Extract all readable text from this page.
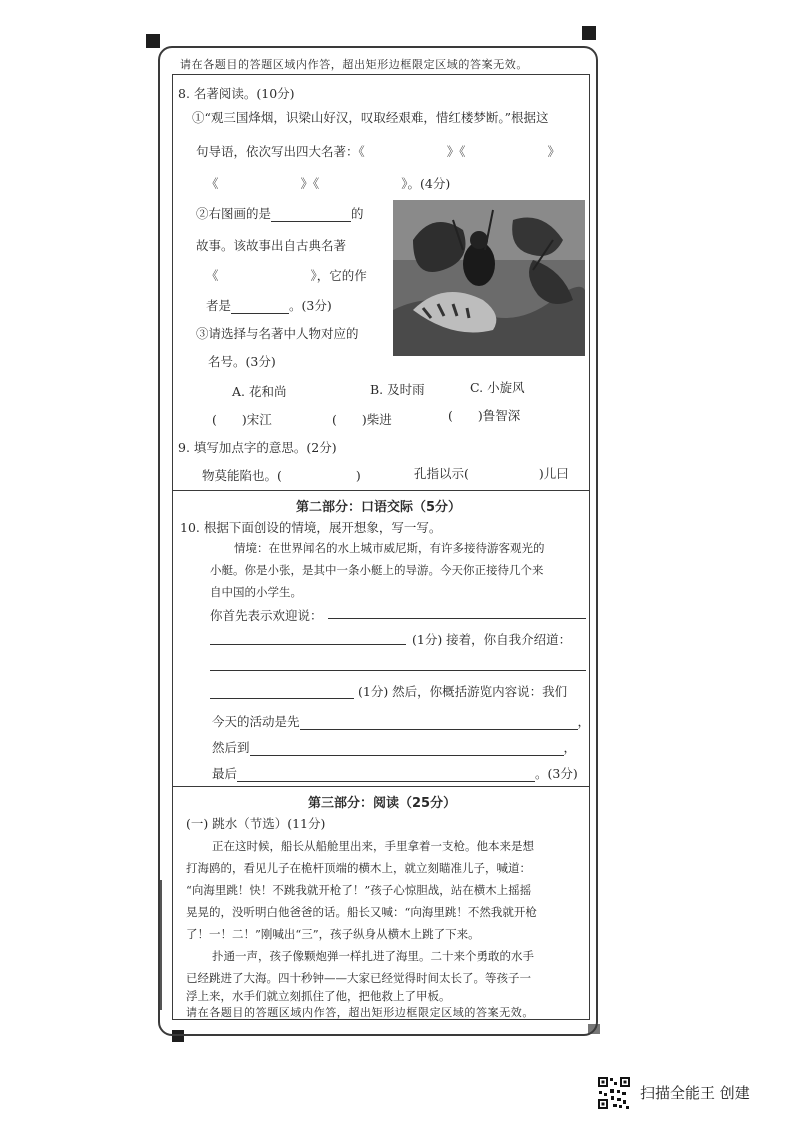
请在各题目的答题区域内作答，超出矩形边框限定区域的答案无效。
请在各题目的答题区域内作答，超出矩形边框限定区域的答案无效。
8. 名著阅读。(10分)
①“观三国烽烟，识梁山好汉，叹取经艰难，惜红楼梦断。”根据这
句导语，依次写出四大名著：《	》《	》
《	》《	》。(4分)
②右图画的是	的
故事。该故事出自古典名著
《	》，它的作
者是	。(3分)
③请选择与名著中人物对应的
名号。(3分)
A. 花和尚	B. 及时雨	C. 小旋风
(　　)宋江	(　　)柴进	(　　)鲁智深
9. 填写加点字的意思。(2分)
物莫能陷也。(	)	孔指以示(	)儿曰
第二部分：口语交际（5分）
10. 根据下面创设的情境，展开想象，写一写。
情境：在世界闻名的水上城市威尼斯，有许多接待游客观光的
小艇。你是小张，是其中一条小艇上的导游。今天你正接待几个来
自中国的小学生。
你首先表示欢迎说：
(1分) 接着，你自我介绍道：
(1分) 然后，你概括游览内容说：我们
今天的活动是先	，
然后到	，
最后	。(3分)
第三部分：阅读（25分）
(一) 跳水（节选）(11分)
正在这时候，船长从船舱里出来，手里拿着一支枪。他本来是想
打海鸥的，看见儿子在桅杆顶端的横木上，就立刻瞄准儿子，喊道：
“向海里跳！快！不跳我就开枪了！”孩子心惊胆战，站在横木上摇摇
晃晃的，没听明白他爸爸的话。船长又喊：“向海里跳！不然我就开枪
了！一！二！”刚喊出“三”，孩子纵身从横木上跳了下来。
扑通一声，孩子像颗炮弹一样扎进了海里。二十来个勇敢的水手
已经跳进了大海。四十秒钟——大家已经觉得时间太长了。等孩子一
浮上来，水手们就立刻抓住了他，把他救上了甲板。
扫描全能王 创建
